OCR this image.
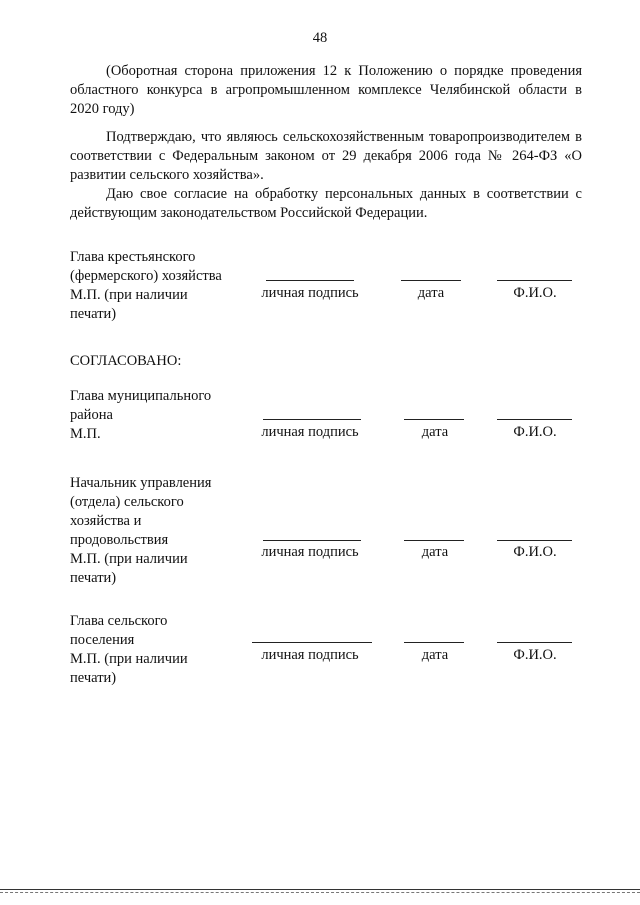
48
(Оборотная сторона приложения 12 к Положению о порядке проведения областного конкурса в агропромышленном комплексе Челябинской области в 2020 году)
Подтверждаю, что являюсь сельскохозяйственным товаропроизводителем в соответствии с Федеральным законом от 29 декабря 2006 года № 264-ФЗ «О развитии сельского хозяйства».
Даю свое согласие на обработку персональных данных в соответствии с действующим законодательством Российской Федерации.
Глава крестьянского
(фермерского) хозяйства
М.П. (при наличии
печати)
личная подпись	дата	Ф.И.О.
СОГЛАСОВАНО:
Глава муниципального
района
М.П.	личная подпись	дата	Ф.И.О.
Начальник управления
(отдела) сельского
хозяйства и
продовольствия
М.П. (при наличии
печати)
личная подпись	дата	Ф.И.О.
Глава сельского
поселения
М.П. (при наличии
печати)
личная подпись	дата	Ф.И.О.
